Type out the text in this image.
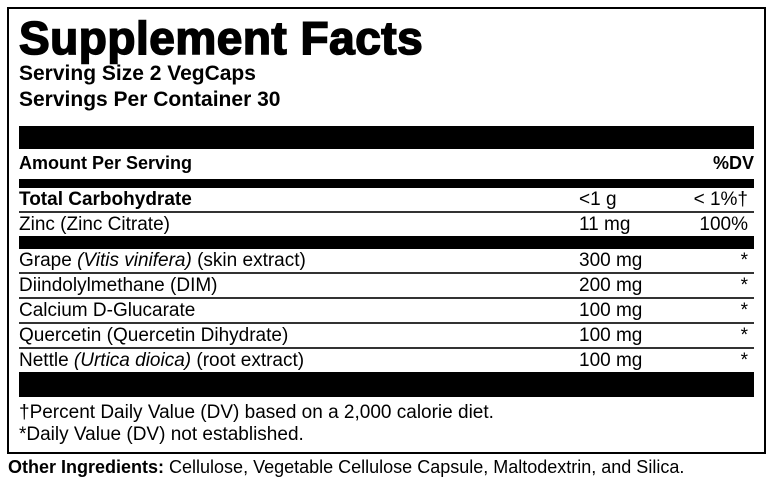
Supplement Facts
Serving Size 2 VegCaps
Servings Per Container 30
Amount Per Serving	%DV
Total Carbohydrate	<1 g	< 1%†
Zinc (Zinc Citrate)	11 mg	100%
Grape (Vitis vinifera) (skin extract)	300 mg	*
Diindolylmethane (DIM)	200 mg	*
Calcium D-Glucarate	100 mg	*
Quercetin (Quercetin Dihydrate)	100 mg	*
Nettle (Urtica dioica) (root extract)	100 mg	*
†Percent Daily Value (DV) based on a 2,000 calorie diet.
*Daily Value (DV) not established.

Other Ingredients: Cellulose, Vegetable Cellulose Capsule, Maltodextrin, and Silica.
